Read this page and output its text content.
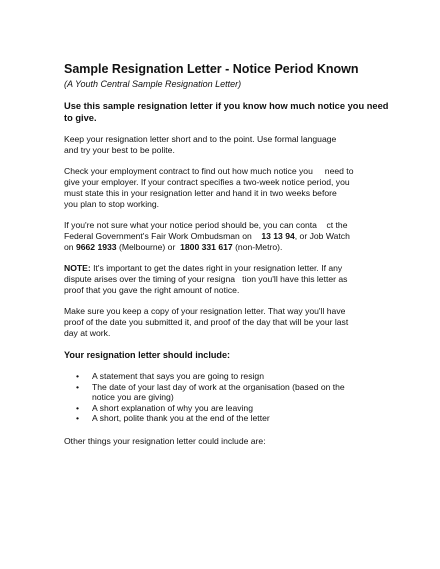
Sample Resignation Letter - Notice Period Known
(A Youth Central Sample Resignation Letter)
Use this sample resignation letter if you know how much notice you need
to give.

Keep your resignation letter short and to the point. Use formal language
and try your best to be polite.

Check your employment contract to find out how much notice you     need to
give your employer. If your contract specifies a two-week notice period, you
must state this in your resignation letter and hand it in two weeks before
you plan to stop working.

If you're not sure what your notice period should be, you can conta    ct the
Federal Government's Fair Work Ombudsman on    13 13 94, or Job Watch
on 9662 1933 (Melbourne) or  1800 331 617 (non-Metro).

NOTE: It's important to get the dates right in your resignation letter. If any
dispute arises over the timing of your resigna   tion you'll have this letter as
proof that you gave the right amount of notice.

Make sure you keep a copy of your resignation letter. That way you'll have
proof of the date you submitted it, and proof of the day that will be your last
day at work.

Your resignation letter should include:
• A statement that says you are going to resign
• The date of your last day of work at the organisation (based on the
notice you are giving)
• A short explanation of why you are leaving
• A short, polite thank you at the end of the letter

Other things your resignation letter could include are:
